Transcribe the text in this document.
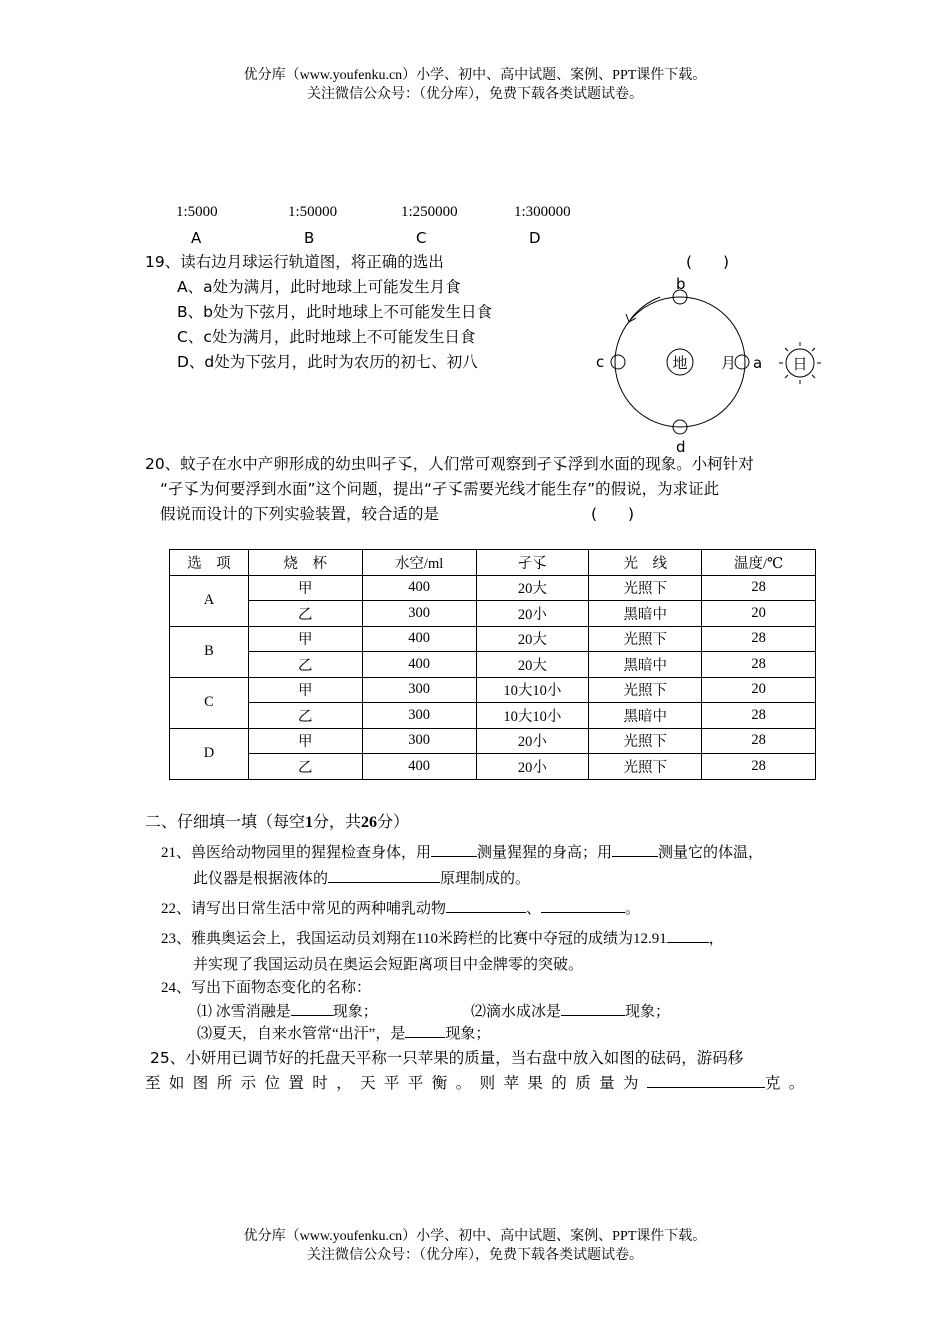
优分库（www.youfenku.cn）小学、初中、高中试题、案例、PPT课件下载。
关注微信公众号：（优分库），免费下载各类试题试卷。
1:5000	1:50000	1:250000	1:300000
A	B	C	D
19、读右边月球运行轨道图，将正确的选出	(　　)
A、a处为满月，此时地球上可能发生月食
B、b处为下弦月，此时地球上不可能发生日食
C、c处为满月，此时地球上不可能发生日食
D、d处为下弦月，此时为农历的初七、初八	地	日
月 a
b
c
d
20、蚊子在水中产卵形成的幼虫叫孑孓，人们常可观察到孑孓浮到水面的现象。小柯针对
“孑孓为何要浮到水面”这个问题，提出“孑孓需要光线才能生存”的假说，为求证此
假说而设计的下列实验装置，较合适的是	(　　)
选　项	烧　杯	水空/ml	孑孓	光　线	温度/℃
A	甲	400	20大	光照下	28
	乙	300	20小	黑暗中	20
B	甲	400	20大	光照下	28
	乙	400	20大	黑暗中	28
C	甲	300	10大10小	光照下	20
	乙	300	10大10小	黑暗中	28
D	甲	300	20小	光照下	28
	乙	400	20小	光照下	28
二、仔细填一填（每空1分，共26分）
21、兽医给动物园里的猩猩检查身体，用	测量猩猩的身高；用	测量它的体温，
此仪器是根据液体的	原理制成的。
22、请写出日常生活中常见的两种哺乳动物	、	。
23、雅典奥运会上，我国运动员刘翔在110米跨栏的比赛中夺冠的成绩为12.91	，
并实现了我国运动员在奥运会短距离项目中金牌零的突破。
24、写出下面物态变化的名称：
⑴ 冰雪消融是	现象；	⑵滴水成冰是	现象；
⑶夏天，自来水管常“出汗”，是	现象；
25、小妍用已调节好的托盘天平称一只苹果的质量，当右盘中放入如图的砝码，游码移
至如图所示位置时，天平平衡。则苹果的质量为	克。
优分库（www.youfenku.cn）小学、初中、高中试题、案例、PPT课件下载。
关注微信公众号：（优分库），免费下载各类试题试卷。
